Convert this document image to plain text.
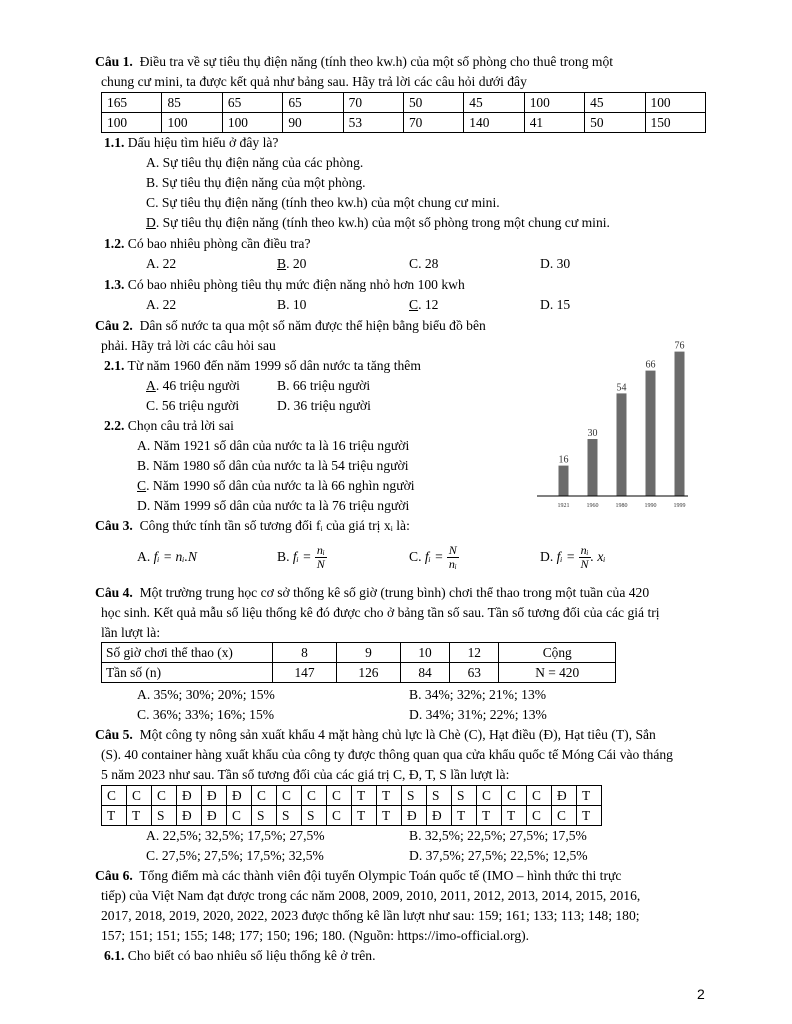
Câu 1. Điều tra về sự tiêu thụ điện năng (tính theo kw.h) của một số phòng cho thuê trong một
chung cư mini, ta được kết quả như bảng sau. Hãy trả lời các câu hỏi dưới đây
165	85	65	65	70	50	45	100	45	100
100	100	100	90	53	70	140	41	50	150
1.1. Dấu hiệu tìm hiểu ở đây là?
A. Sự tiêu thụ điện năng của các phòng.
B. Sự tiêu thụ điện năng của một phòng.
C. Sự tiêu thụ điện năng (tính theo kw.h) của một chung cư mini.
D. Sự tiêu thụ điện năng (tính theo kw.h) của một số phòng trong một chung cư mini.
1.2. Có bao nhiêu phòng cần điều tra?
A. 22	B. 20	C. 28	D. 30
1.3. Có bao nhiêu phòng tiêu thụ mức điện năng nhỏ hơn 100 kwh
A. 22	B. 10	C. 12	D. 15
Câu 2. Dân số nước ta qua một số năm được thể hiện bằng biểu đồ bên
phải. Hãy trả lời các câu hỏi sau
2.1. Từ năm 1960 đến năm 1999 số dân nước ta tăng thêm
A. 46 triệu người	B. 66 triệu người
C. 56 triệu người	D. 36 triệu người
2.2. Chọn câu trả lời sai
A. Năm 1921 số dân của nước ta là 16 triệu người
B. Năm 1980 số dân của nước ta là 54 triệu người
C. Năm 1990 số dân của nước ta là 66 nghìn người
D. Năm 1999 số dân của nước ta là 76 triệu người
16
30
54
66
76
1921	1960	1980	1990	1999
Câu 3. Công thức tính tần số tương đối fᵢ của giá trị xᵢ là:
A. fᵢ = nᵢ.N	B. fᵢ = $\frac{\text{nᵢ}}{N}$	C. fᵢ = $\frac{N}{\text{nᵢ}}$	D. fᵢ = $\frac{\text{nᵢ}}{N}$ . xᵢ
Câu 4. Một trường trung học cơ sở thống kê số giờ (trung bình) chơi thể thao trong một tuần của 420
học sinh. Kết quả mẫu số liệu thống kê đó được cho ở bảng tần số sau. Tần số tương đối của các giá trị
lần lượt là:
Số giờ chơi thể thao (x)	8	9	10	12	Cộng
Tần số (n)	147	126	84	63	N = 420
A. 35%; 30%; 20%; 15%	B. 34%; 32%; 21%; 13%
C. 36%; 33%; 16%; 15%	D. 34%; 31%; 22%; 13%
Câu 5. Một công ty nông sản xuất khẩu 4 mặt hàng chủ lực là Chè (C), Hạt điều (Đ), Hạt tiêu (T), Sắn
(S). 40 container hàng xuất khẩu của công ty được thông quan qua cửa khẩu quốc tế Móng Cái vào tháng
5 năm 2023 như sau. Tần số tương đối của các giá trị C, Đ, T, S lần lượt là:
C	C	C	Đ	Đ	Đ	C	C	C	C	T	T	S	S	S	C	C	C	Đ	T
T	T	S	Đ	Đ	C	S	S	S	C	T	T	Đ	Đ	T	T	T	C	C	T
A. 22,5%; 32,5%; 17,5%; 27,5%	B. 32,5%; 22,5%; 27,5%; 17,5%
C. 27,5%; 27,5%; 17,5%; 32,5%	D. 37,5%; 27,5%; 22,5%; 12,5%
Câu 6. Tổng điểm mà các thành viên đội tuyển Olympic Toán quốc tế (IMO – hình thức thi trực
tiếp) của Việt Nam đạt được trong các năm 2008, 2009, 2010, 2011, 2012, 2013, 2014, 2015, 2016,
2017, 2018, 2019, 2020, 2022, 2023 được thống kê lần lượt như sau: 159; 161; 133; 113; 148; 180;
157; 151; 151; 155; 148; 177; 150; 196; 180. (Nguồn: https://imo-official.org).
6.1. Cho biết có bao nhiêu số liệu thống kê ở trên.
2
